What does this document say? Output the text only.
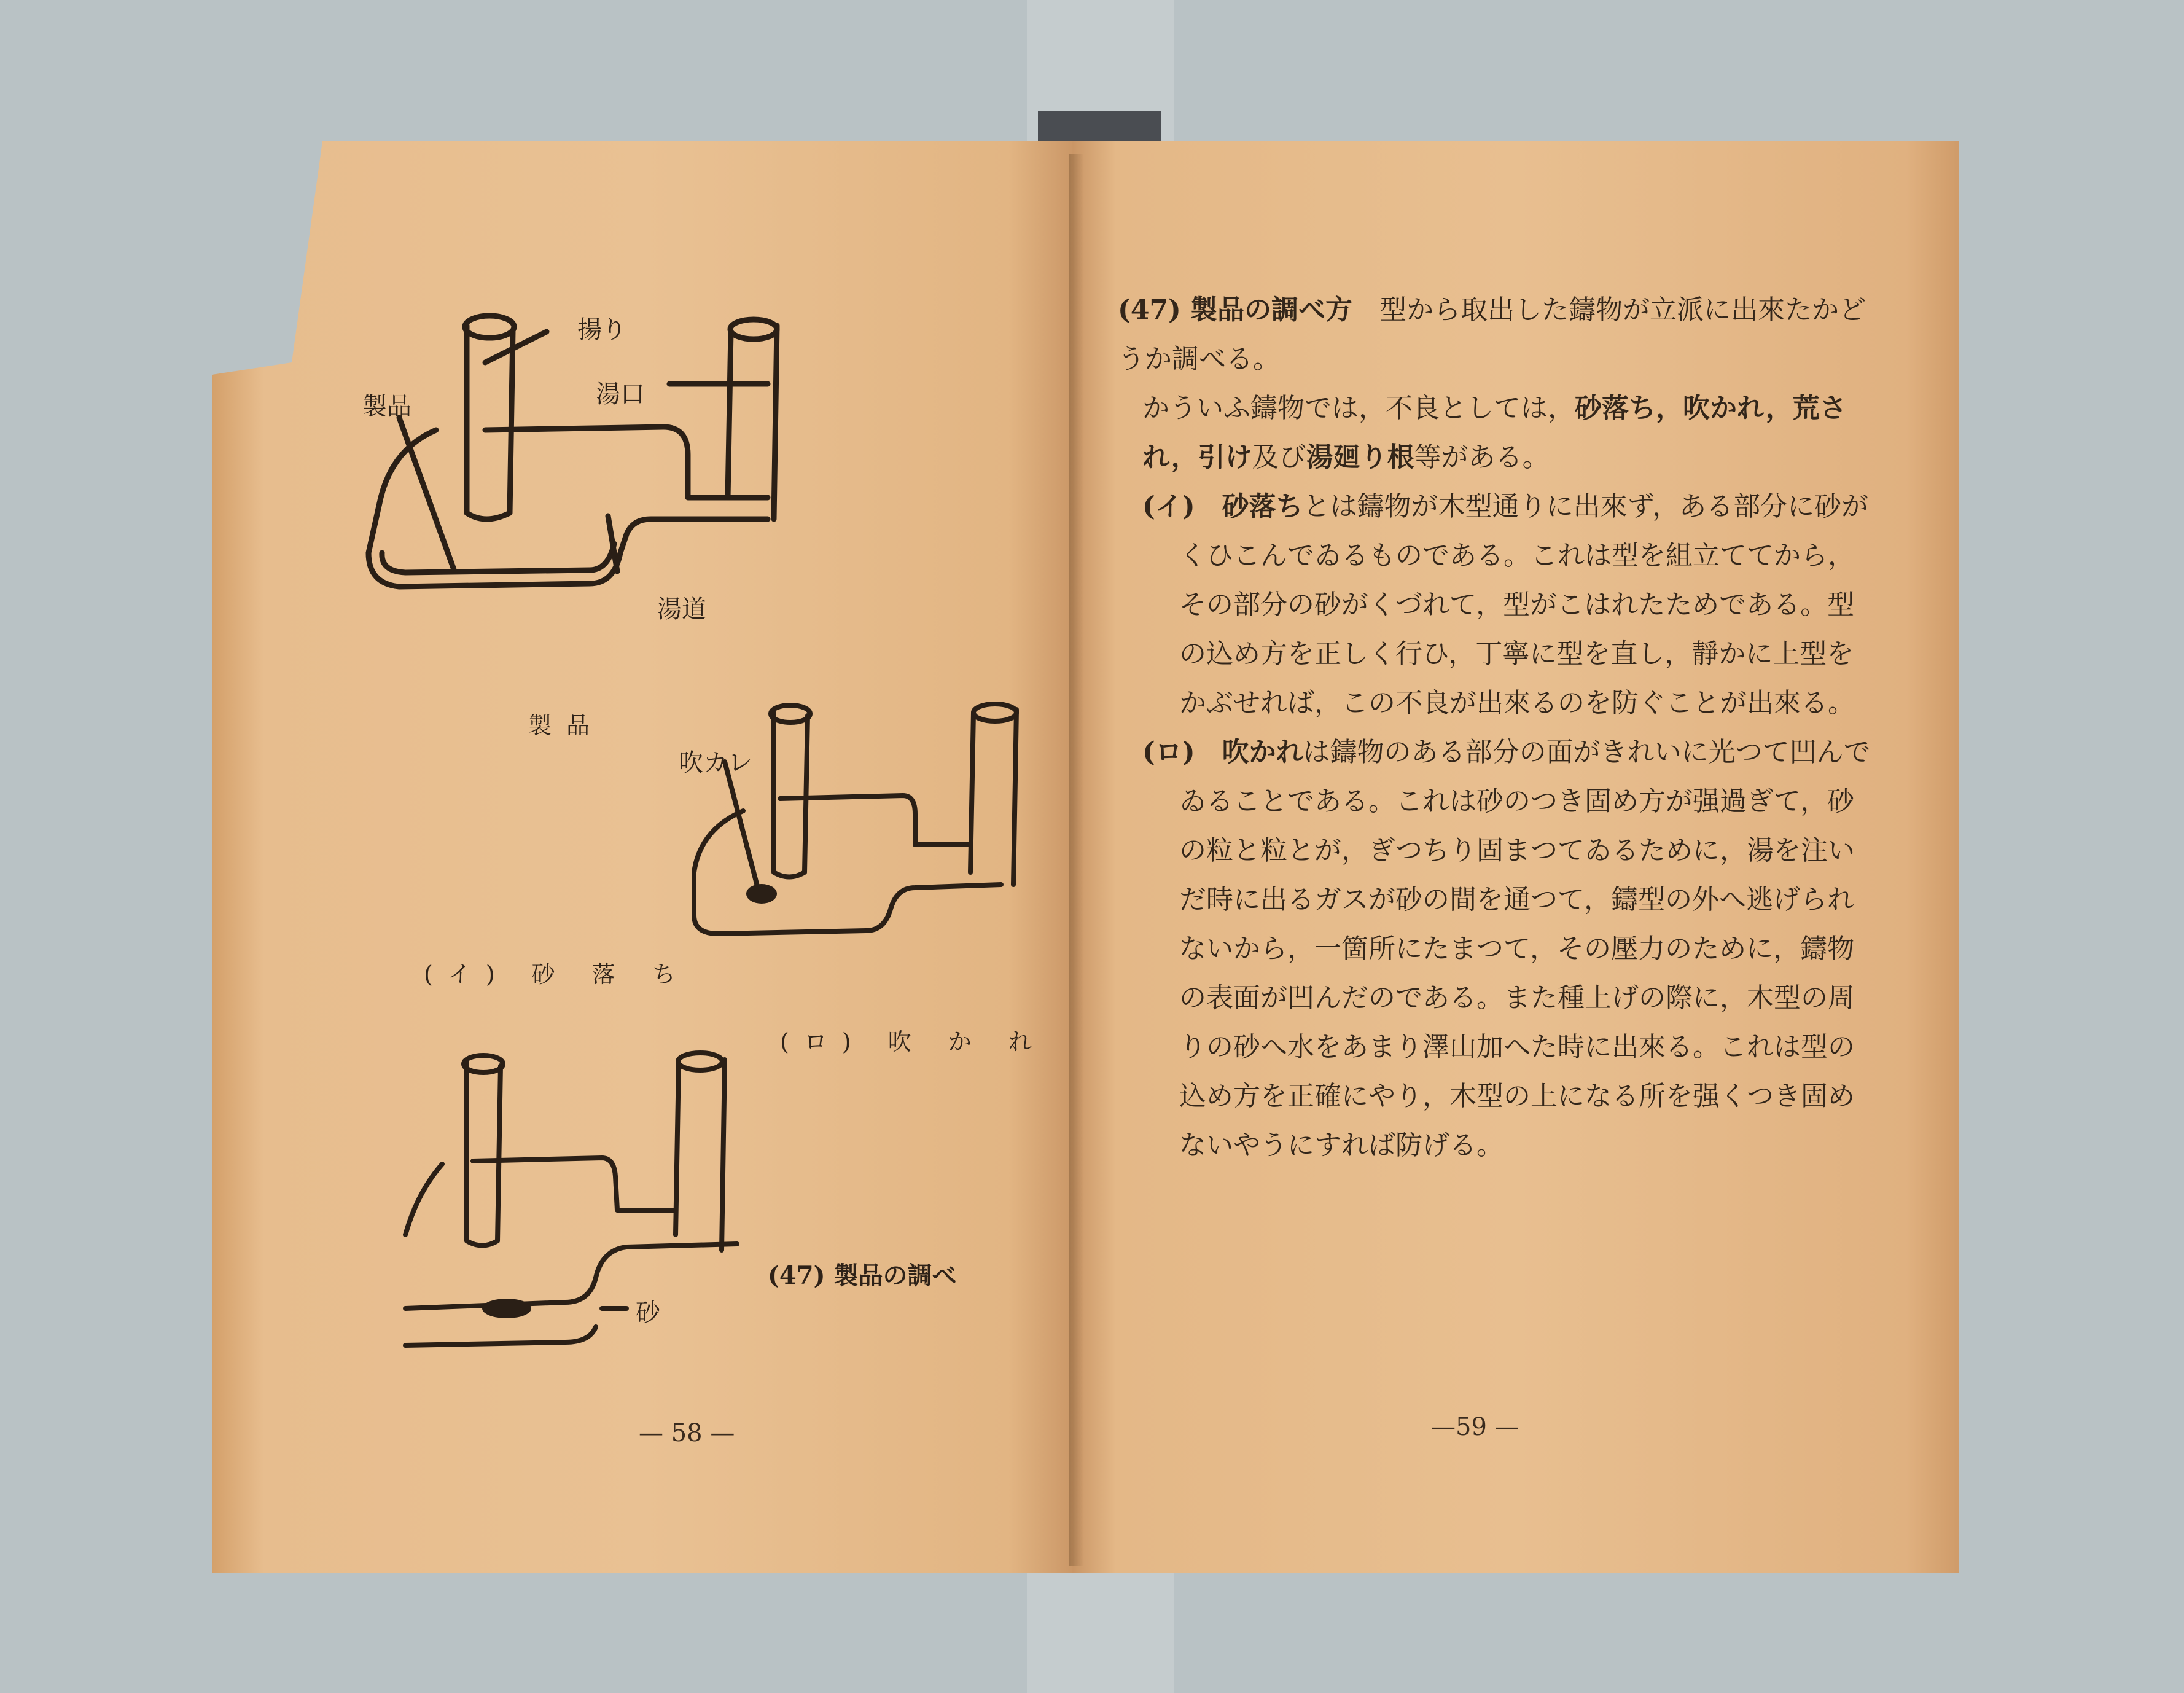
揚り
製品	湯口
湯道
製品
吹カレ
(イ) 砂 落 ち
(ロ) 吹 か れ
砂
(47) 製品の調べ
— 58 —

(47) 製品の調べ方　型から取出した鑄物が立派に出來たかどうか調べる。

かういふ鑄物では，不良としては，砂落ち，吹かれ，荒され，引け及び湯廻り根等がある。

(イ)　砂落ちとは鑄物が木型通りに出來ず，ある部分に砂がくひこんでゐるものである。これは型を組立ててから，その部分の砂がくづれて，型がこはれたためである。型の込め方を正しく行ひ，丁寧に型を直し，靜かに上型をかぶせれば，この不良が出來るのを防ぐことが出來る。

(ロ)　吹かれは鑄物のある部分の面がきれいに光つて凹んでゐることである。これは砂のつき固め方が强過ぎて，砂の粒と粒とが，ぎつちり固まつてゐるために，湯を注いだ時に出るガスが砂の間を通つて，鑄型の外へ逃げられないから，一箇所にたまつて，その壓力のために，鑄物の表面が凹んだのである。また種上げの際に，木型の周りの砂へ水をあまり澤山加へた時に出來る。これは型の込め方を正確にやり，木型の上になる所を强くつき固めないやうにすれば防げる。

—59 —
